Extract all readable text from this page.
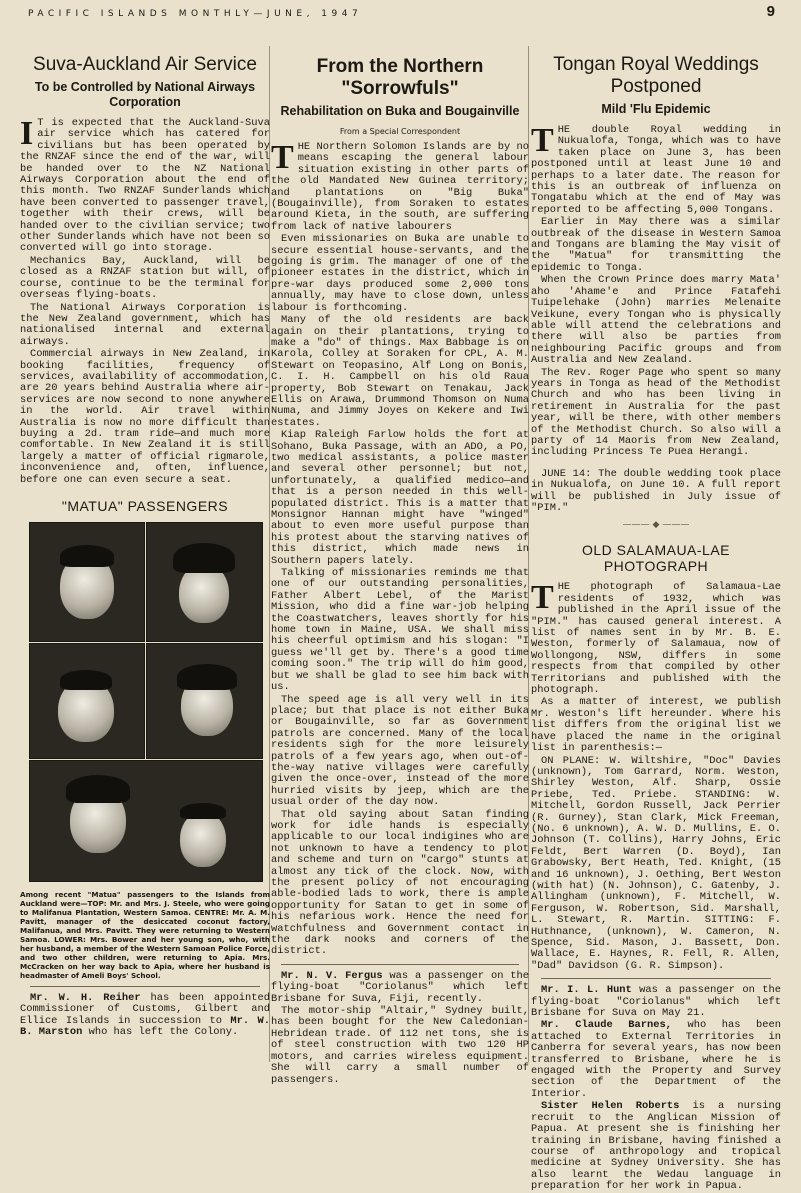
PACIFIC ISLANDS MONTHLY—JUNE, 1947	9
Suva-Auckland Air Service
To be Controlled by National Airways Corporation

I T is expected that the Auckland-Suva air service which has catered for civilians but has been operated by the RNZAF since the end of the war, will be handed over to the NZ National Airways Corporation about the end of this month. Two RNZAF Sunderlands which have been converted to passenger travel, together with their crews, will be handed over to the civilian service; two other Sunderlands which have not been so converted will go into storage.

Mechanics Bay, Auckland, will be closed as a RNZAF station but will, of course, continue to be the terminal for overseas flying-boats.

The National Airways Corporation is the New Zealand government, which has nationalised internal and external airways.

Commercial airways in New Zealand, in booking facilities, frequency of services, availability of accommodation, are 20 years behind Australia where air-services are now second to none anywhere in the world. Air travel within Australia is now no more difficult than buying a 2d. tram ride—and much more comfortable. In New Zealand it is still largely a matter of official rigmarole, inconvenience and, often, influence, before one can even secure a seat.

"MATUA" PASSENGERS
Among recent "Matua" passengers to the Islands from Auckland were—TOP: Mr. and Mrs. J. Steele, who were going to Malifanua Plantation, Western Samoa. CENTRE: Mr. A. M. Pavitt, manager of the desiccated coconut factory, Malifanua, and Mrs. Pavitt. They were returning to Western Samoa. LOWER: Mrs. Bower and her young son, who, with her husband, a member of the Western Samoan Police Force, and two other children, were returning to Apia. Mrs. McCracken on her way back to Apia, where her husband is headmaster of Ameli Boys' School.

Mr. W. H. Reiher has been appointed Commissioner of Customs, Gilbert and Ellice Islands in succession to Mr. W. B. Marston who has left the Colony.

From the Northern "Sorrowfuls"
Rehabilitation on Buka and Bougainville
From a Special Correspondent

THE Northern Solomon Islands are by no means escaping the general labour situation existing in other parts of the old Mandated New Guinea territory; and plantations on "Big Buka" (Bougainville), from Soraken to estates around Kieta, in the south, are suffering from lack of native labourers

Even missionaries on Buka are unable to secure essential house-servants, and the going is grim. The manager of one of the pioneer estates in the district, which in pre-war days produced some 2,000 tons annually, may have to close down, unless labour is forthcoming.

Many of the old residents are back again on their plantations, trying to make a "do" of things. Max Babbage is on Karola, Colley at Soraken for CPL, A. M. Stewart on Teopasino, Alf Long on Bonis, C. I. H. Campbell on his old Raua property, Bob Stewart on Tenakau, Jack Ellis on Arawa, Drummond Thomson on Numa Numa, and Jimmy Joyes on Kekere and Iwi estates.

Kiap Raleigh Farlow holds the fort at Sohano, Buka Passage, with an ADO, a PO, two medical assistants, a police master and several other personnel; but not, unfortunately, a qualified medico—and that is a person needed in this well-populated district. This is a matter that Monsignor Hannan might have "winged" about to even more useful purpose than his protest about the starving natives of this district, which made news in Southern papers lately.

Talking of missionaries reminds me that one of our outstanding personalities, Father Albert Lebel, of the Marist Mission, who did a fine war-job helping the Coastwatchers, leaves shortly for his home town in Maine, USA. We shall miss his cheerful optimism and his slogan: "I guess we'll get by. There's a good time coming soon." The trip will do him good, but we shall be glad to see him back with us.

The speed age is all very well in its place; but that place is not either Buka or Bougainville, so far as Government patrols are concerned. Many of the local residents sigh for the more leisurely patrols of a few years ago, when out-of-the-way native villages were carefully given the once-over, instead of the more hurried visits by jeep, which are the usual order of the day now.

That old saying about Satan finding work for idle hands is especially applicable to our local indigines who are not unknown to have a tendency to plot and scheme and turn on "cargo" stunts at almost any tick of the clock. Now, with the present policy of not encouraging able-bodied lads to work, there is ample opportunity for Satan to get in some of his nefarious work. Hence the need for watchfulness and Government contact in the dark nooks and corners of the district.

Mr. N. V. Fergus was a passenger on the flying-boat "Coriolanus" which left Brisbane for Suva, Fiji, recently.

The motor-ship "Altair," Sydney built, has been bought for the New Caledonian-Hebridean trade. Of 112 net tons, she is of steel construction with two 120 HP motors, and carries wireless equipment. She will carry a small number of passengers.

Tongan Royal Weddings Postponed
Mild 'Flu Epidemic

THE double Royal wedding in Nukualofa, Tonga, which was to have taken place on June 3, has been postponed until at least June 10 and perhaps to a later date. The reason for this is an outbreak of influenza on Tongatabu which at the end of May was reported to be affecting 5,000 Tongans.

Earlier in May there was a similar outbreak of the disease in Western Samoa and Tongans are blaming the May visit of the "Matua" for transmitting the epidemic to Tonga.

When the Crown Prince does marry Mata' aho 'Ahame'e and Prince Fatafehi Tuipelehake (John) marries Melenaite Veikune, every Tongan who is physically able will attend the celebrations and there will also be parties from neighbouring Pacific groups and from Australia and New Zealand.

The Rev. Roger Page who spent so many years in Tonga as head of the Methodist Church and who has been living in retirement in Australia for the past year, will be there, with other members of the Methodist Church. So also will a party of 14 Maoris from New Zealand, including Princess Te Puea Herangi.

JUNE 14: The double wedding took place in Nukualofa, on June 10. A full report will be published in July issue of "PIM."

——— ◆ ———
OLD SALAMAUA-LAE PHOTOGRAPH

THE photograph of Salamaua-Lae residents of 1932, which was published in the April issue of the "PIM." has caused general interest. A list of names sent in by Mr. B. E. Weston, formerly of Salamaua, now of Wollongong, NSW, differs in some respects from that compiled by other Territorians and published with the photograph.

As a matter of interest, we publish Mr. Weston's lift hereunder. Where his list differs from the original list we have placed the name in the original list in parenthesis:—

ON PLANE: W. Wiltshire, "Doc" Davies (unknown), Tom Garrard, Norm. Weston, Shirley Weston, Alf. Sharp, Ossie Priebe, Ted. Priebe. STANDING: W. Mitchell, Gordon Russell, Jack Perrier (R. Gurney), Stan Clark, Mick Freeman, (No. 6 unknown), A. W. D. Mullins, E. O. Johnson (T. Collins), Harry Johns, Eric Feldt, Bert Warren (D. Boyd), Ian Grabowsky, Bert Heath, Ted. Knight, (15 and 16 unknown), J. Oething, Bert Weston (with hat) (N. Johnson), C. Gatenby, J. Allingham (unknown), F. Mitchell, W. Ferguson, W. Robertson, Sid. Marshall, L. Stewart, R. Martin. SITTING: F. Huthnance, (unknown), W. Cameron, N. Spence, Sid. Mason, J. Bassett, Don. Wallace, E. Haynes, R. Fell, R. Allen, "Dad" Davidson (G. R. Simpson).

Mr. I. L. Hunt was a passenger on the flying-boat "Coriolanus" which left Brisbane for Suva on May 21.

Mr. Claude Barnes, who has been attached to External Territories in Canberra for several years, has now been transferred to Brisbane, where he is engaged with the Property and Survey section of the Department of the Interior.

Sister Helen Roberts is a nursing recruit to the Anglican Mission of Papua. At present she is finishing her training in Brisbane, having finished a course of anthropology and tropical medicine at Sydney University. She has also learnt the Wedau language in preparation for her work in Papua.
